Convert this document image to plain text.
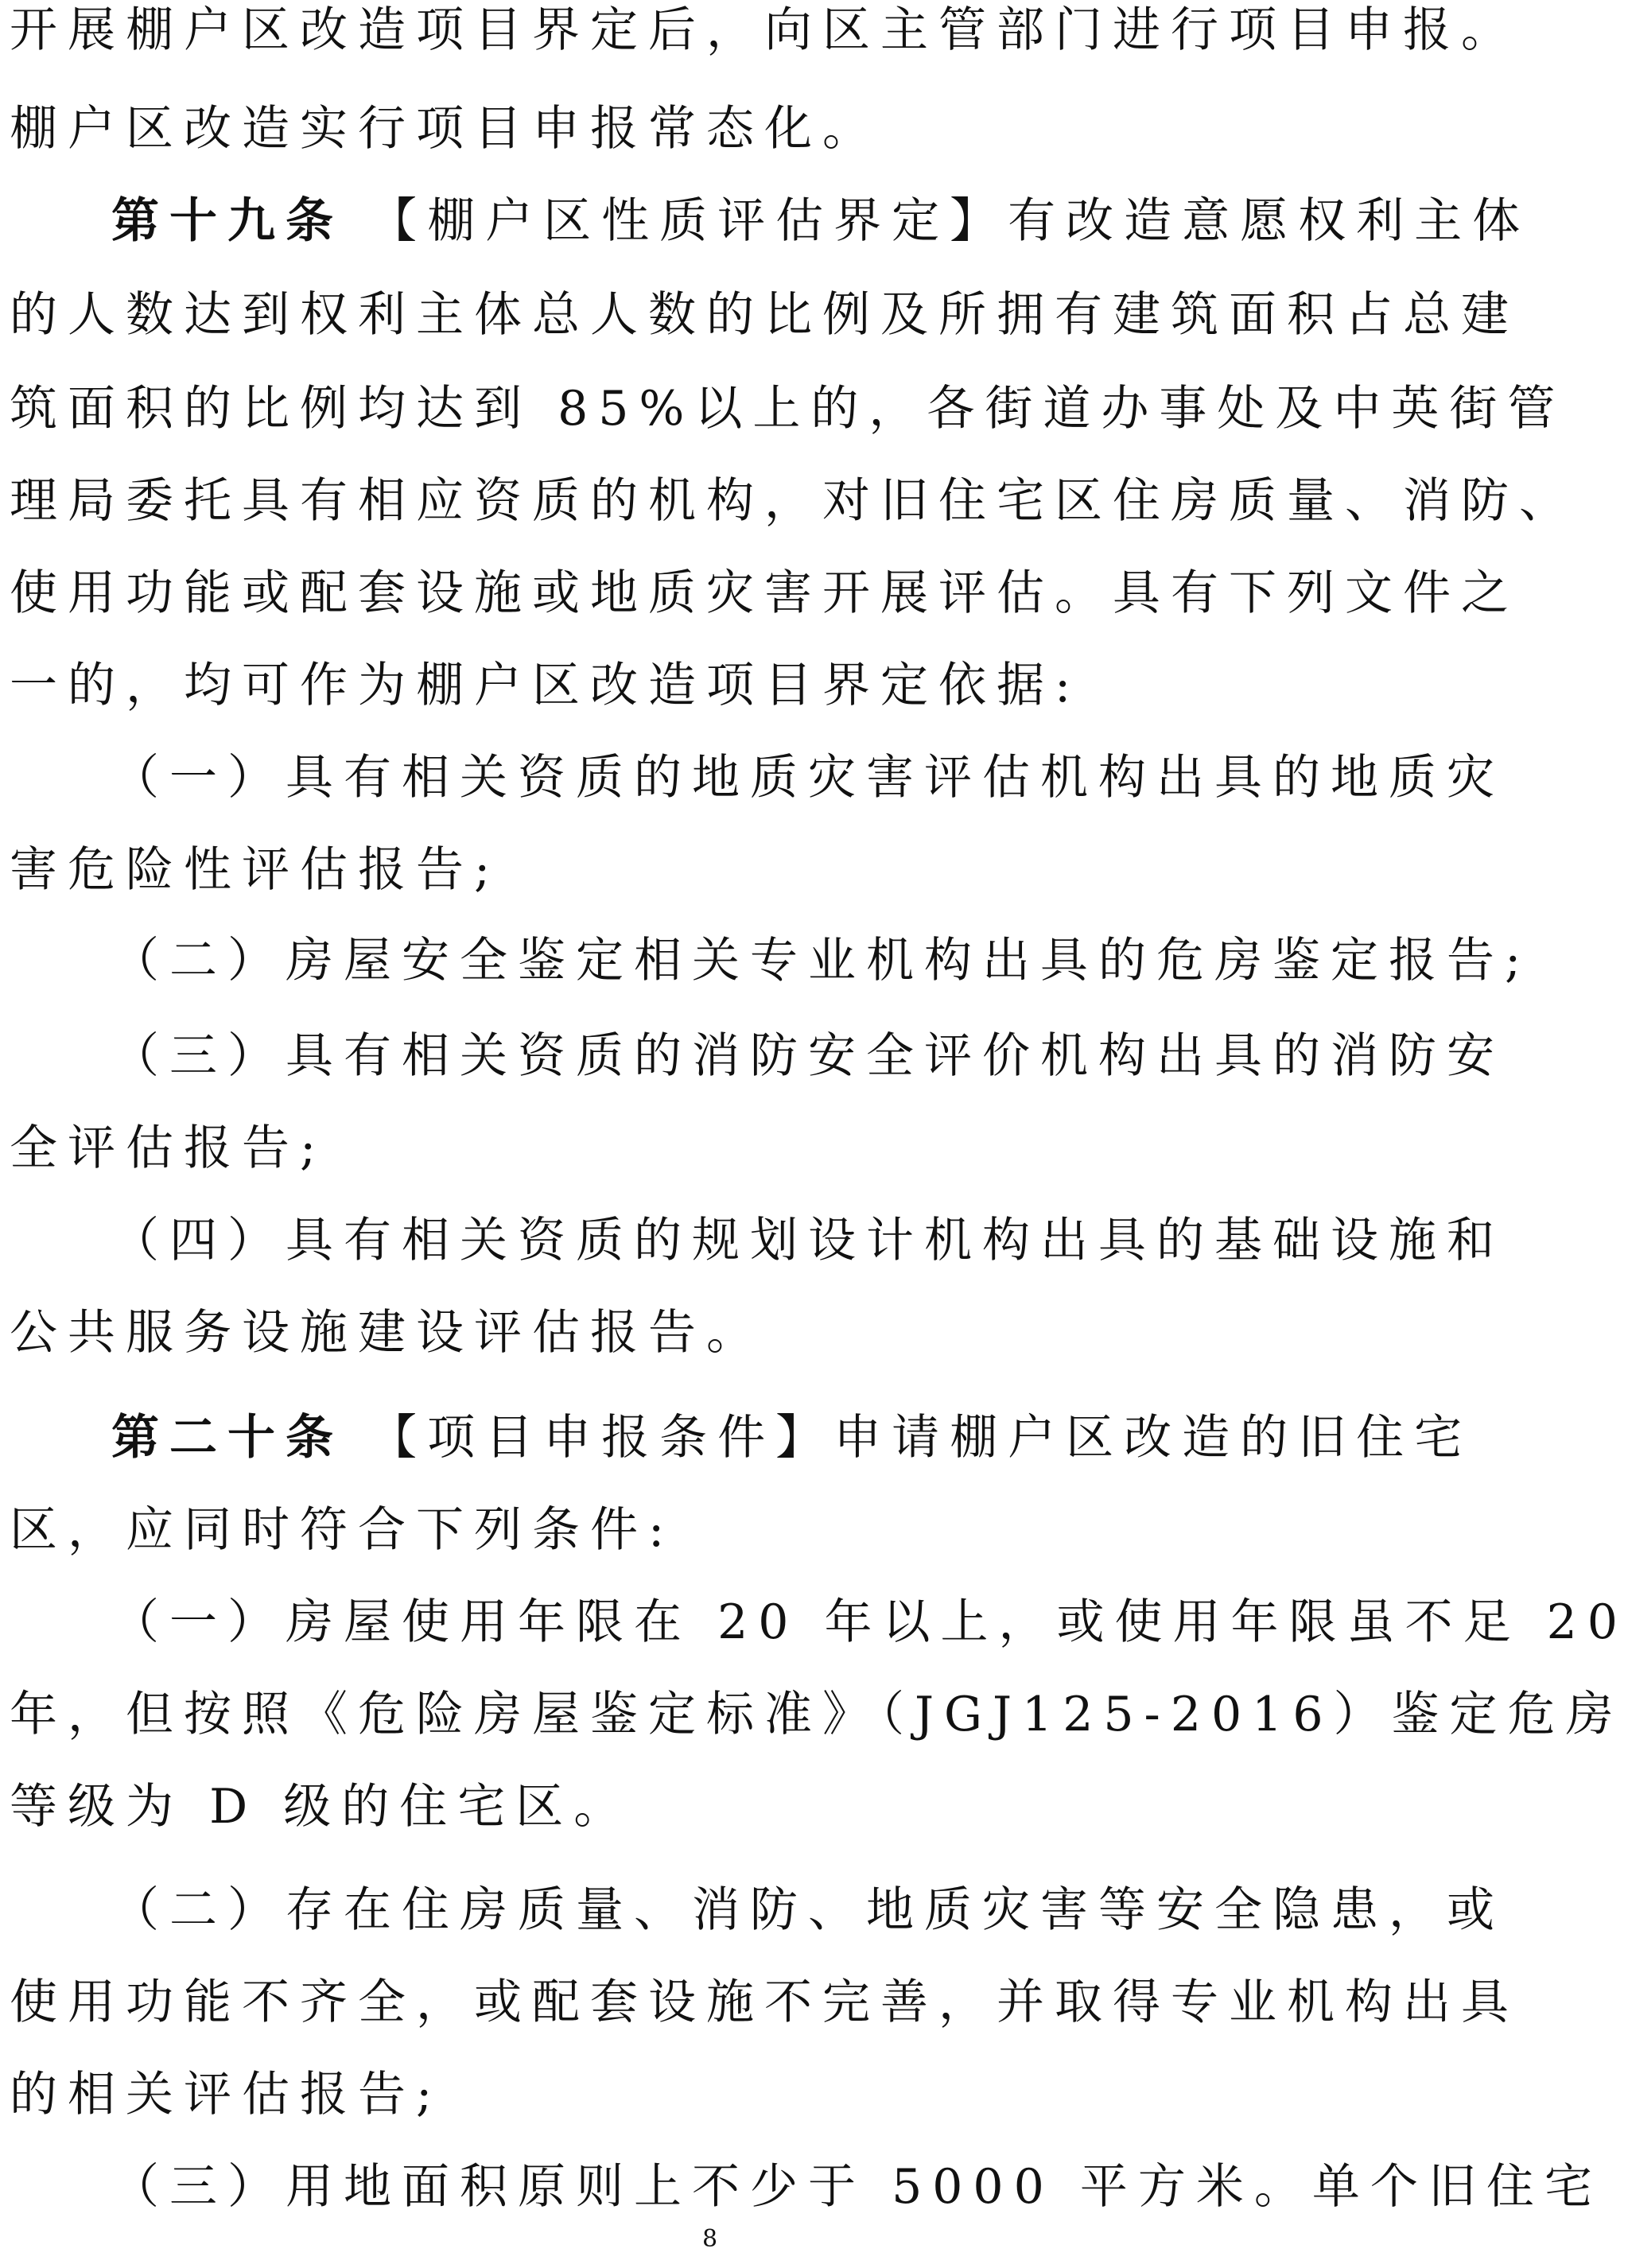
开展棚户区改造项目界定后，向区主管部门进行项目申报。
棚户区改造实行项目申报常态化。
第十九条 【棚户区性质评估界定】有改造意愿权利主体
的人数达到权利主体总人数的比例及所拥有建筑面积占总建
筑面积的比例均达到 85%以上的，各街道办事处及中英街管
理局委托具有相应资质的机构，对旧住宅区住房质量、消防、
使用功能或配套设施或地质灾害开展评估。具有下列文件之
一的，均可作为棚户区改造项目界定依据:
（一）具有相关资质的地质灾害评估机构出具的地质灾
害危险性评估报告;
（二）房屋安全鉴定相关专业机构出具的危房鉴定报告;
（三）具有相关资质的消防安全评价机构出具的消防安
全评估报告;
（四）具有相关资质的规划设计机构出具的基础设施和
公共服务设施建设评估报告。
第二十条 【项目申报条件】申请棚户区改造的旧住宅
区，应同时符合下列条件:
（一）房屋使用年限在 20 年以上，或使用年限虽不足 20
年，但按照《危险房屋鉴定标准》（JGJ125-2016）鉴定危房
等级为 D 级的住宅区。
（二）存在住房质量、消防、地质灾害等安全隐患，或
使用功能不齐全，或配套设施不完善，并取得专业机构出具
的相关评估报告;
（三）用地面积原则上不少于 5000 平方米。单个旧住宅
8
